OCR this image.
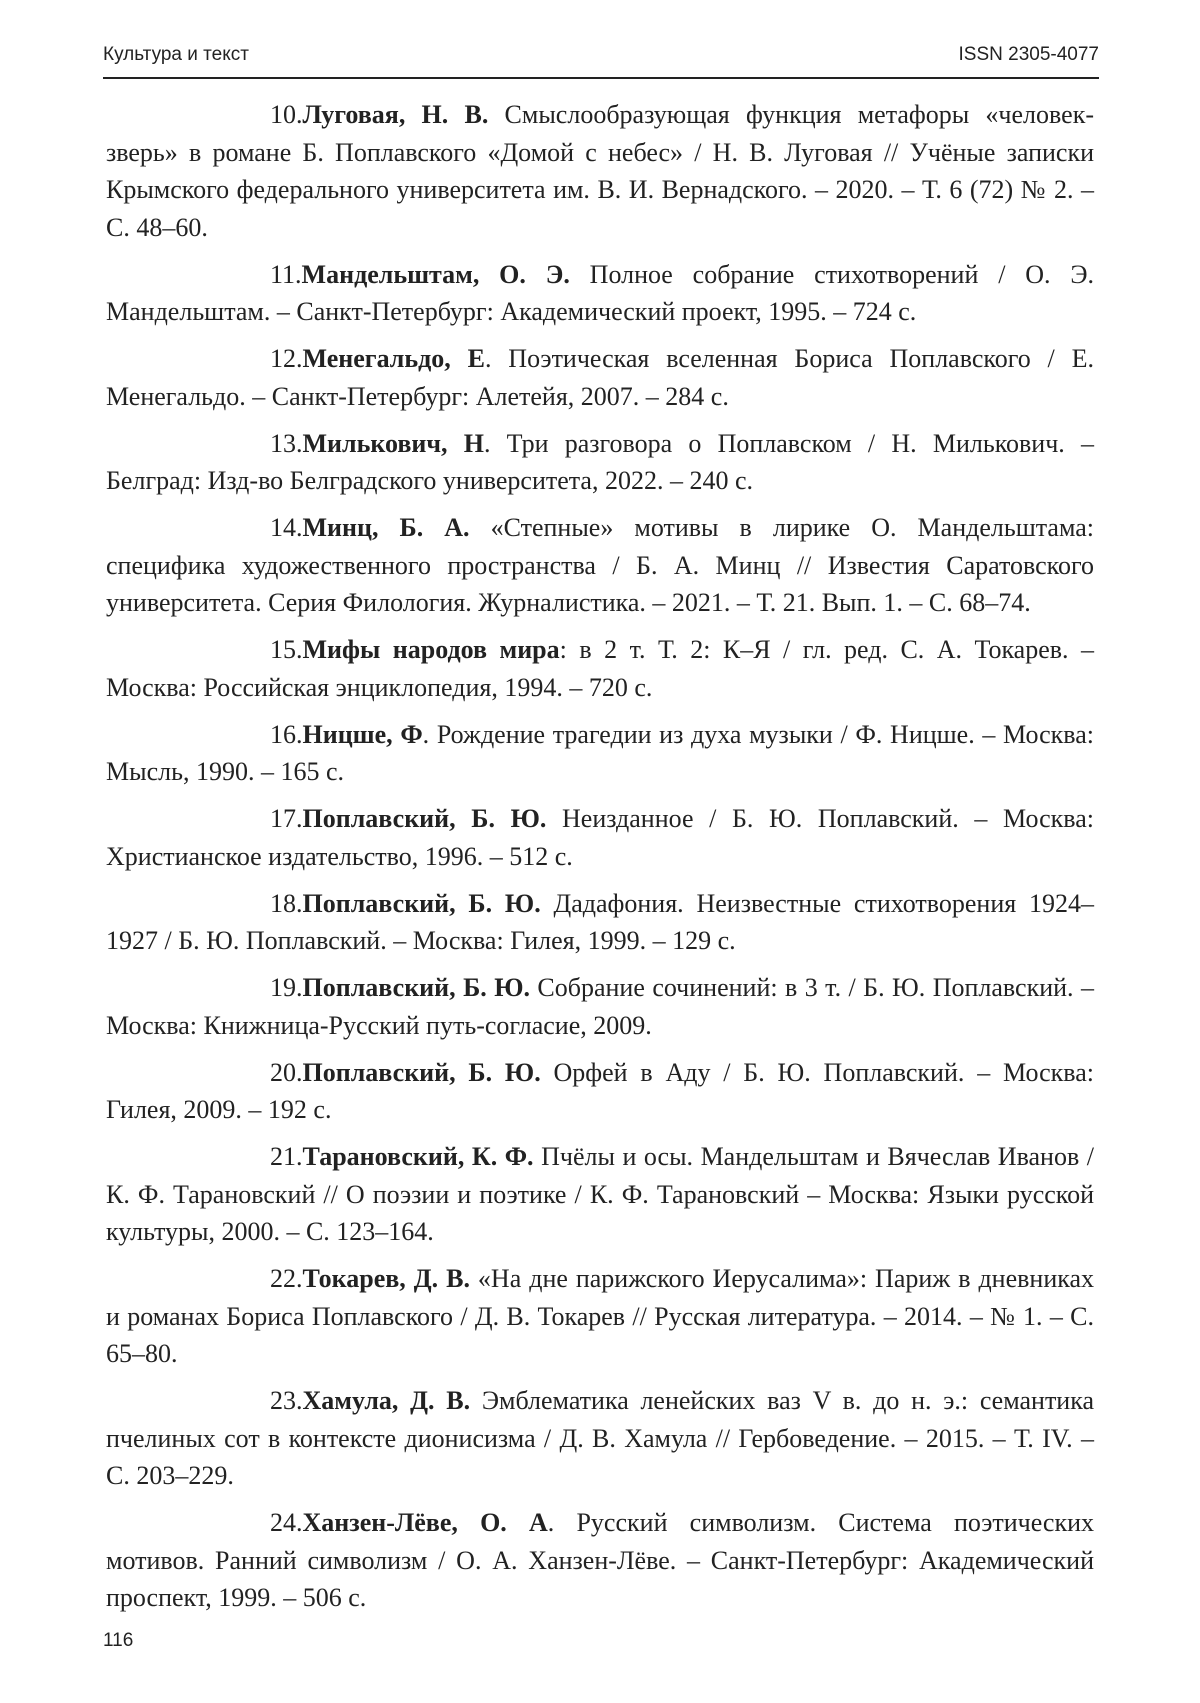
Культура и текст	ISSN 2305-4077
10.Луговая, Н. В. Смыслообразующая функция метафоры «человек-зверь» в романе Б. Поплавского «Домой с небес» / Н. В. Луговая // Учёные записки Крымского федерального университета им. В. И. Вернадского. – 2020. – Т. 6 (72) № 2. – С. 48–60.
11.Мандельштам, О. Э. Полное собрание стихотворений / О. Э. Мандельштам. – Санкт-Петербург: Академический проект, 1995. – 724 с.
12.Менегальдо, Е. Поэтическая вселенная Бориса Поплавского / Е. Менегальдо. – Санкт-Петербург: Алетейя, 2007. – 284 с.
13.Милькович, Н. Три разговора о Поплавском / Н. Милькович. – Белград: Изд-во Белградского университета, 2022. – 240 с.
14.Минц, Б. А. «Степные» мотивы в лирике О. Мандельштама: специфика художественного пространства / Б. А. Минц // Известия Саратовского университета. Серия Филология. Журналистика. – 2021. – Т. 21. Вып. 1. – С. 68–74.
15.Мифы народов мира: в 2 т. Т. 2: К–Я / гл. ред. С. А. Токарев. – Москва: Российская энциклопедия, 1994. – 720 с.
16.Ницше, Ф. Рождение трагедии из духа музыки / Ф. Ницше. – Москва: Мысль, 1990. – 165 с.
17.Поплавский, Б. Ю. Неизданное / Б. Ю. Поплавский. – Москва: Христианское издательство, 1996. – 512 с.
18.Поплавский, Б. Ю. Дадафония. Неизвестные стихотворения 1924–1927 / Б. Ю. Поплавский. – Москва: Гилея, 1999. – 129 с.
19.Поплавский, Б. Ю. Собрание сочинений: в 3 т. / Б. Ю. Поплавский. – Москва: Книжница-Русский путь-согласие, 2009.
20.Поплавский, Б. Ю. Орфей в Аду / Б. Ю. Поплавский. – Москва: Гилея, 2009. – 192 с.
21.Тарановский, К. Ф. Пчёлы и осы. Мандельштам и Вячеслав Иванов / К. Ф. Тарановский // О поэзии и поэтике / К. Ф. Тарановский – Москва: Языки русской культуры, 2000. – С. 123–164.
22.Токарев, Д. В. «На дне парижского Иерусалима»: Париж в дневниках и романах Бориса Поплавского / Д. В. Токарев // Русская литература. – 2014. – № 1. – С. 65–80.
23.Хамула, Д. В. Эмблематика ленейских ваз V в. до н. э.: семантика пчелиных сот в контексте дионисизма / Д. В. Хамула // Гербоведение. – 2015. – Т. IV. – С. 203–229.
24.Ханзен-Лёве, О. А. Русский символизм. Система поэтических мотивов. Ранний символизм / О. А. Ханзен-Лёве. – Санкт-Петербург: Академический проспект, 1999. – 506 с.
116
